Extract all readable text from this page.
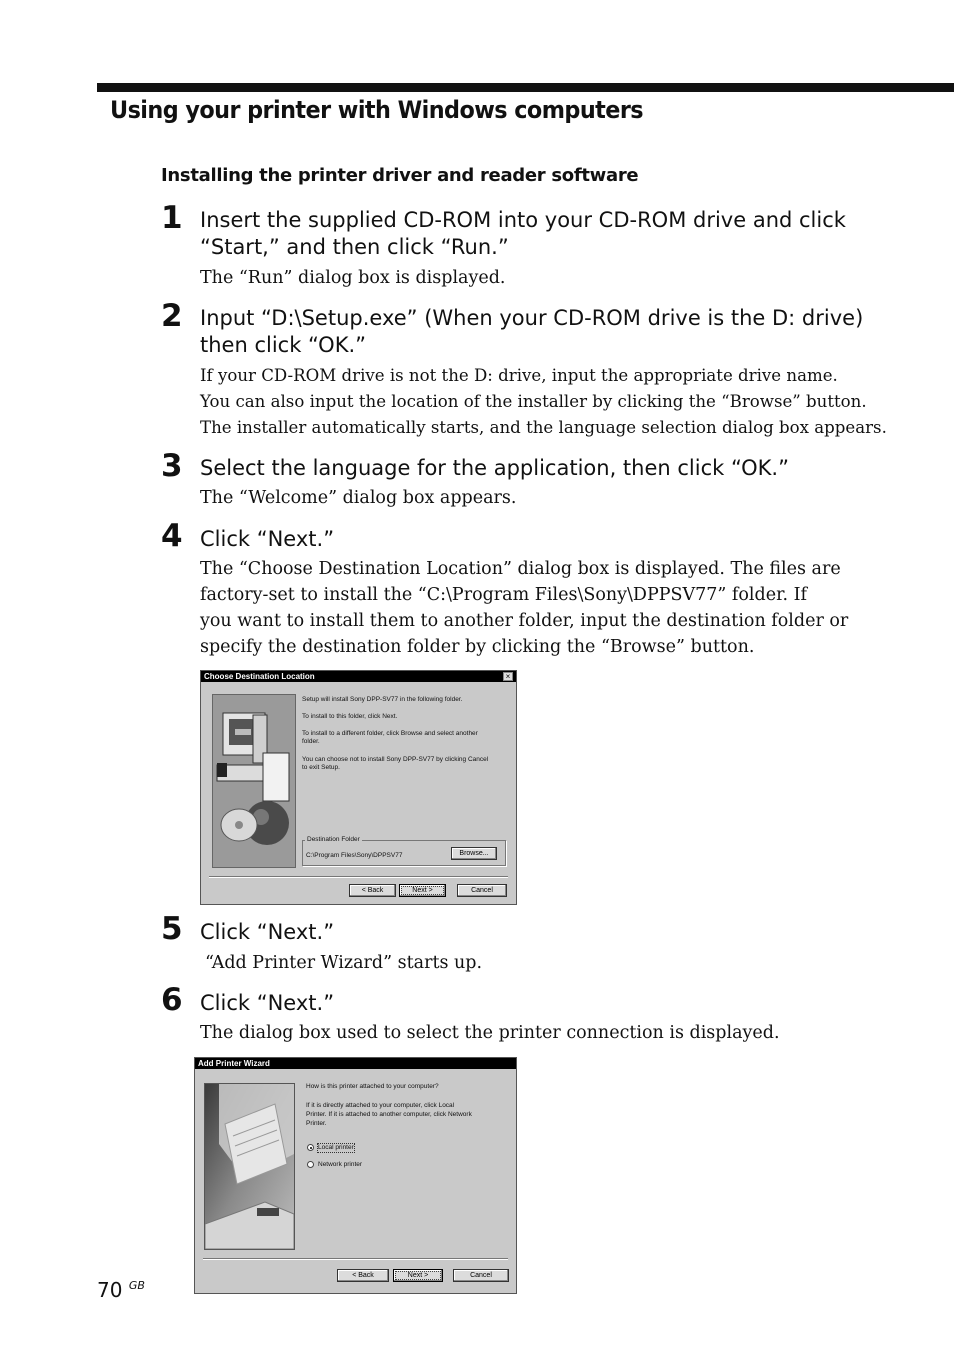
Using your printer with Windows computers
Installing the printer driver and reader software
1 Insert the supplied CD-ROM into your CD-ROM drive and click
“Start,” and then click “Run.”
The “Run” dialog box is displayed.
2 Input “D:\Setup.exe” (When your CD-ROM drive is the D: drive)
then click “OK.”
If your CD-ROM drive is not the D: drive, input the appropriate drive name.
You can also input the location of the installer by clicking the “Browse” button.
The installer automatically starts, and the language selection dialog box appears.
3 Select the language for the application, then click “OK.”
The “Welcome” dialog box appears.
4 Click “Next.”
The “Choose Destination Location” dialog box is displayed. The files are
factory-set to install the “C:\Program Files\Sony\DPPSV77” folder. If
you want to install them to another folder, input the destination folder or
specify the destination folder by clicking the “Browse” button.
Choose Destination Location	×
Setup will install Sony DPP-SV77 in the following folder.
To install to this folder, click Next.
To install to a different folder, click Browse and select another
folder.
You can choose not to install Sony DPP-SV77 by clicking Cancel
to exit Setup.
Destination Folder
C:\Program Files\Sony\DPPSV77	Browse...
< Back	Next >	Cancel
5 Click “Next.”
“Add Printer Wizard” starts up.
6 Click “Next.”
The dialog box used to select the printer connection is displayed.
Add Printer Wizard
How is this printer attached to your computer?
If it is directly attached to your computer, click Local
Printer. If it is attached to another computer, click Network
Printer.
Local printer
Network printer
< Back	Next >	Cancel
70 $^{GB}$
